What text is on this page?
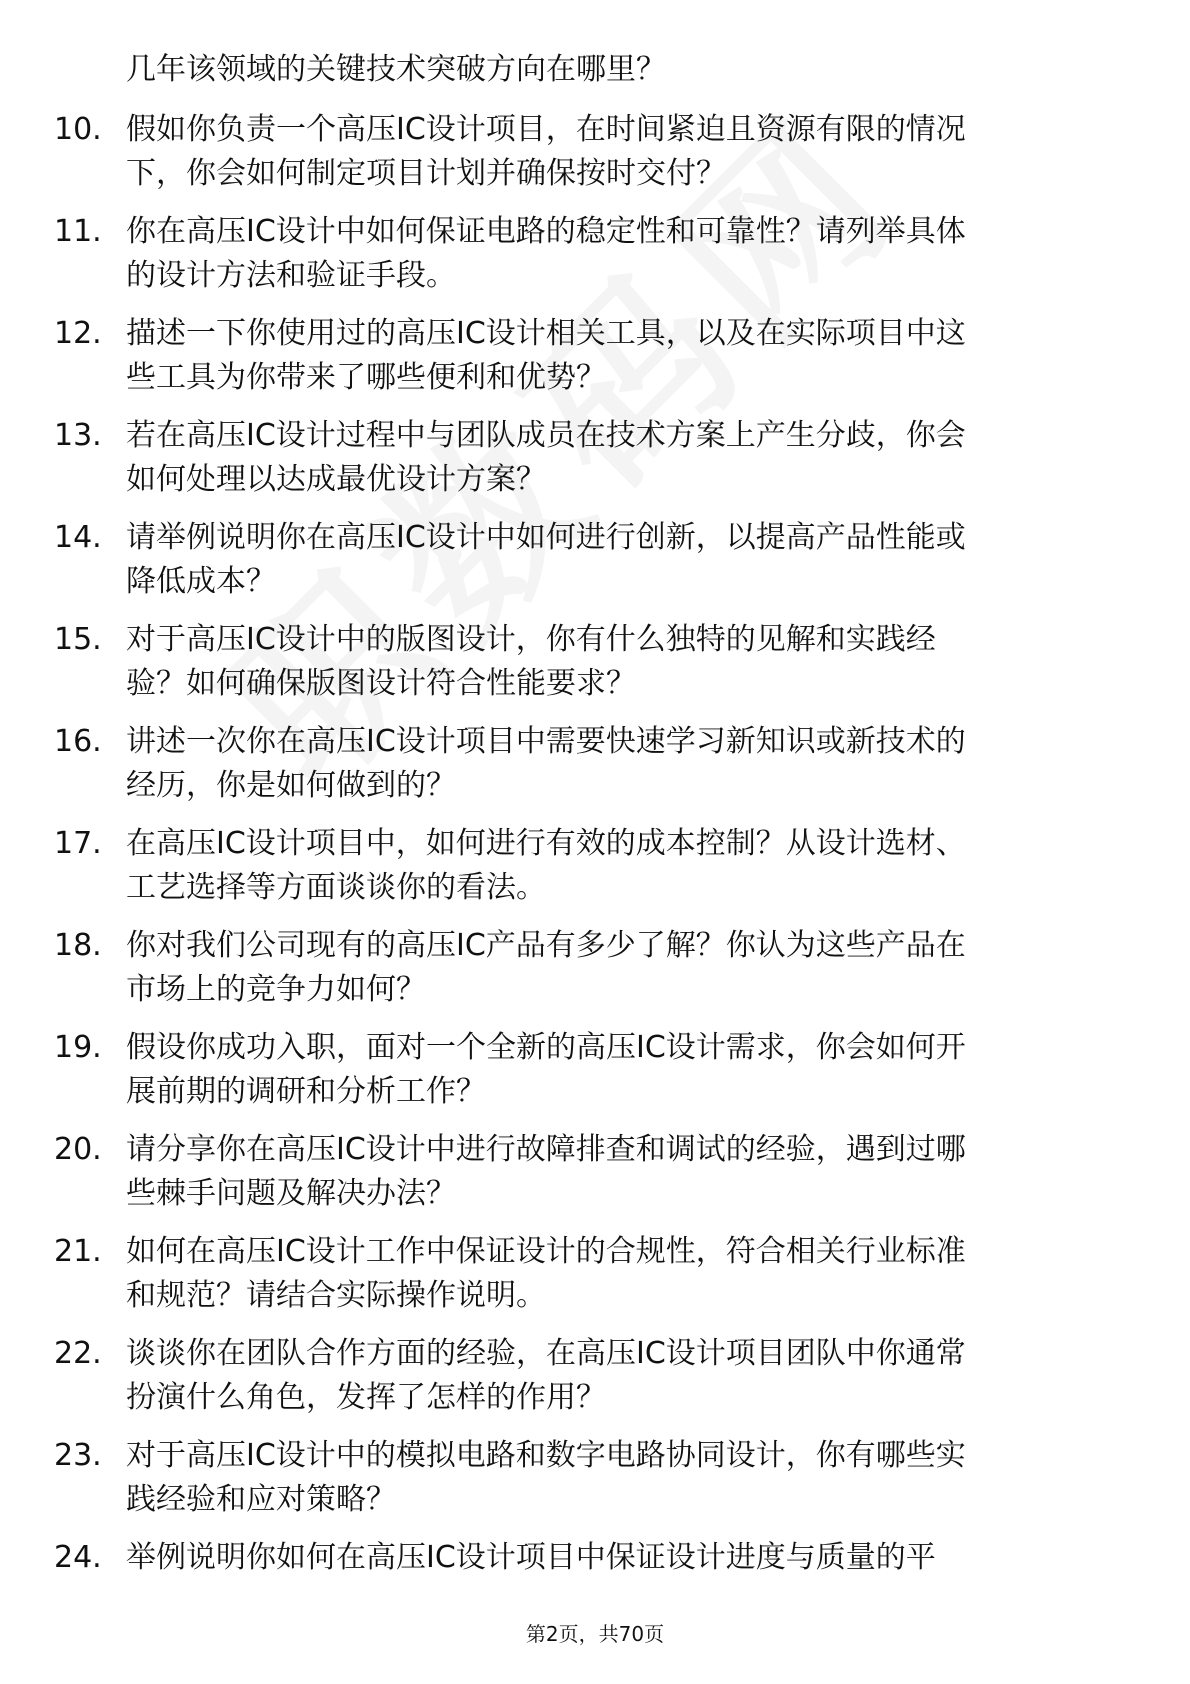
几年该领域的关键技术突破方向在哪里？
10. 假如你负责一个高压IC设计项目，在时间紧迫且资源有限的情况
下，你会如何制定项目计划并确保按时交付？
11. 你在高压IC设计中如何保证电路的稳定性和可靠性？请列举具体
的设计方法和验证手段。
12. 描述一下你使用过的高压IC设计相关工具，以及在实际项目中这
些工具为你带来了哪些便利和优势？
13. 若在高压IC设计过程中与团队成员在技术方案上产生分歧，你会
如何处理以达成最优设计方案？
14. 请举例说明你在高压IC设计中如何进行创新，以提高产品性能或
降低成本？
15. 对于高压IC设计中的版图设计，你有什么独特的见解和实践经
验？如何确保版图设计符合性能要求？
16. 讲述一次你在高压IC设计项目中需要快速学习新知识或新技术的
经历，你是如何做到的？
17. 在高压IC设计项目中，如何进行有效的成本控制？从设计选材、
工艺选择等方面谈谈你的看法。
18. 你对我们公司现有的高压IC产品有多少了解？你认为这些产品在
市场上的竞争力如何？
19. 假设你成功入职，面对一个全新的高压IC设计需求，你会如何开
展前期的调研和分析工作？
20. 请分享你在高压IC设计中进行故障排查和调试的经验，遇到过哪
些棘手问题及解决办法？
21. 如何在高压IC设计工作中保证设计的合规性，符合相关行业标准
和规范？请结合实际操作说明。
22. 谈谈你在团队合作方面的经验，在高压IC设计项目团队中你通常
扮演什么角色，发挥了怎样的作用？
23. 对于高压IC设计中的模拟电路和数字电路协同设计，你有哪些实
践经验和应对策略？
24. 举例说明你如何在高压IC设计项目中保证设计进度与质量的平
第2页，共70页
